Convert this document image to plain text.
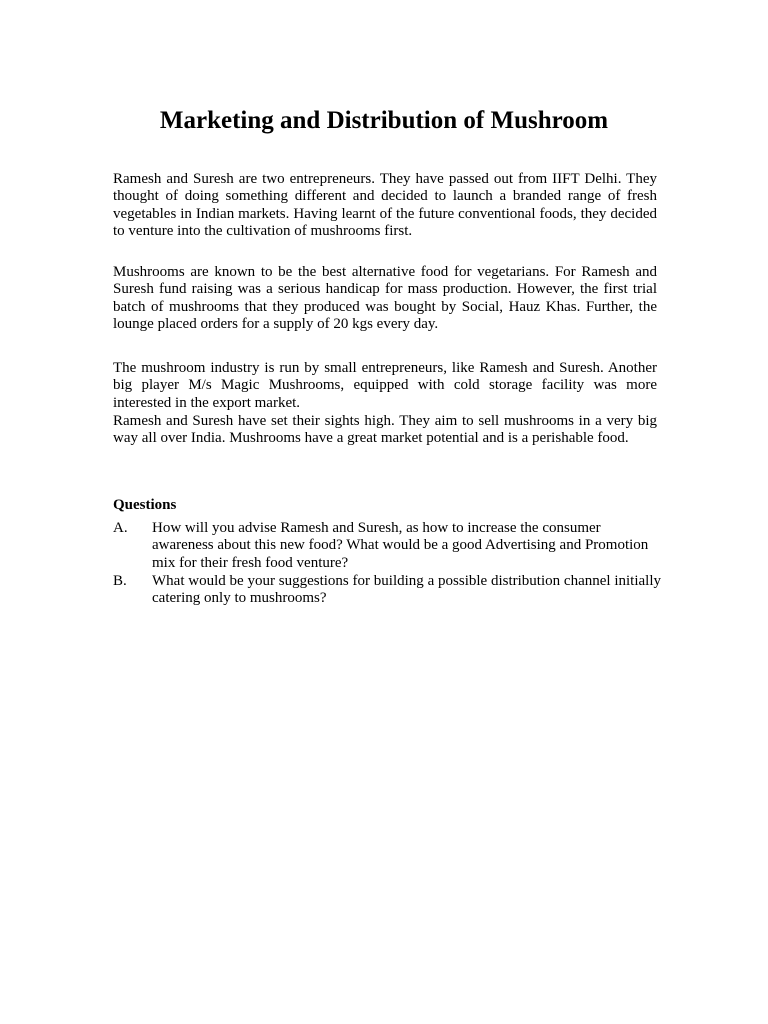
Marketing and Distribution of Mushroom

Ramesh and Suresh are two entrepreneurs. They have passed out from IIFT Delhi. They thought of doing something different and decided to launch a branded range of fresh vegetables in Indian markets. Having learnt of the future conventional foods, they decided to venture into the cultivation of mushrooms first.

Mushrooms are known to be the best alternative food for vegetarians. For Ramesh and Suresh fund raising was a serious handicap for mass production. However, the first trial batch of mushrooms that they produced was bought by Social, Hauz Khas. Further, the lounge placed orders for a supply of 20 kgs every day.

The mushroom industry is run by small entrepreneurs, like Ramesh and Suresh. Another big player M/s Magic Mushrooms, equipped with cold storage facility was more interested in the export market.

Ramesh and Suresh have set their sights high. They aim to sell mushrooms in a very big way all over India. Mushrooms have a great market potential and is a perishable food.

Questions

A. How will you advise Ramesh and Suresh, as how to increase the consumer awareness about this new food? What would be a good Advertising and Promotion mix for their fresh food venture?

B. What would be your suggestions for building a possible distribution channel initially catering only to mushrooms?
